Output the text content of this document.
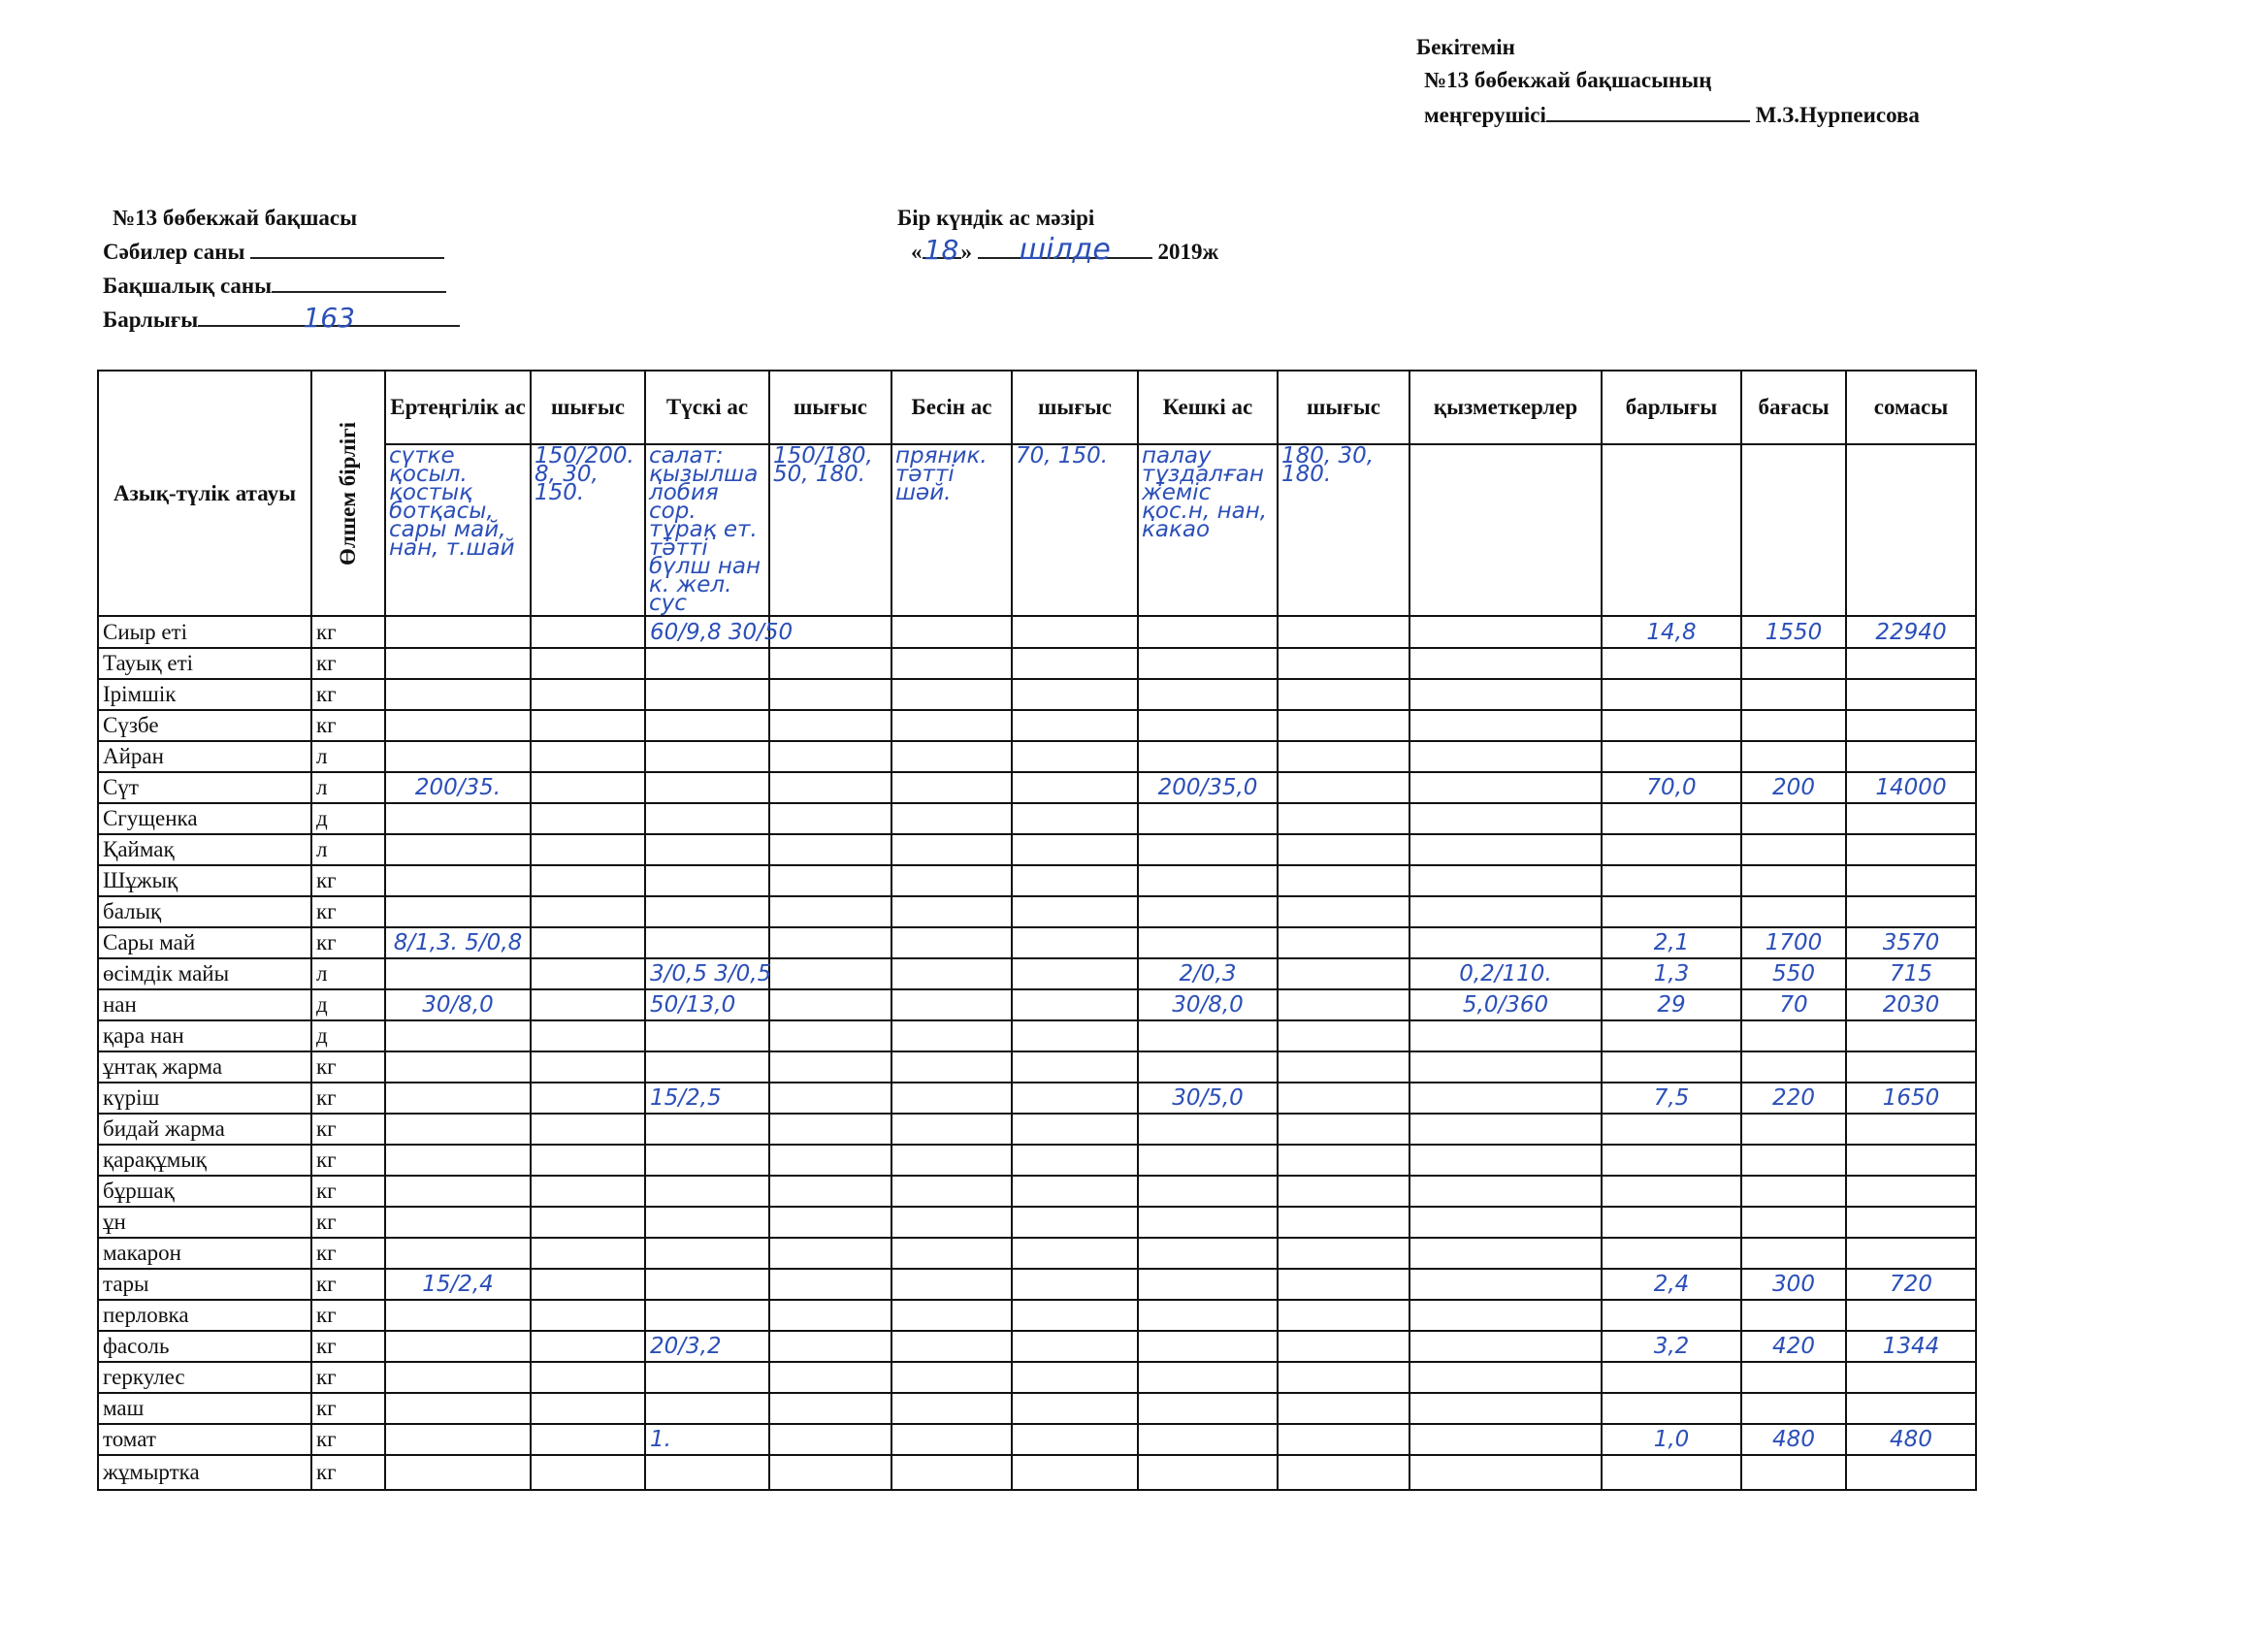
Бекітемін
№13 бөбекжай бақшасының
меңгерушісі	М.З.Нурпеисова
№13 бөбекжай бақшасы
Сәбилер саны
Бақшалық саны
Барлығы	163
Бір күндік ас мәзірі
«18» шілде 2019ж
Азық-түлік атауы	Өлшем бірлігі	Ертеңгілік ас	шығыс	Түскі ас	шығыс	Бесін ас	шығыс	Кешкі ас	шығыс	қызметкерлер	барлығы	бағасы	сомасы
		сүтке қосыл. қостық ботқасы, сары май, нан, т.шай	150/200. 8, 30, 150.	салат: қызылша лобия сор. тұрақ ет. тәтті бүлш нан к. жел. сус	150/180, 50, 180.	пряник. тәтті шәй.	70, 150.	палау тұздалған жеміс қос.н, нан, какао	180, 30, 180.				
Сиыр еті	кг			60/9,8 30/50							14,8	1550	22940
Тауық еті	кг												
Ірімшік	кг												
Сүзбе	кг												
Айран	л												
Сүт	л	200/35.						200/35,0			70,0	200	14000
Сгущенка	д												
Қаймақ	л												
Шұжық	кг												
балық	кг												
Сары май	кг	8/1,3. 5/0,8									2,1	1700	3570
өсімдік майы	л			3/0,5 3/0,5				2/0,3		0,2/110.	1,3	550	715
нан	д	30/8,0		50/13,0				30/8,0		5,0/360	29	70	2030
қара нан	д												
ұнтақ жарма	кг												
күріш	кг			15/2,5				30/5,0			7,5	220	1650
бидай жарма	кг												
қарақұмық	кг												
бұршақ	кг												
ұн	кг												
макарон	кг												
тары	кг	15/2,4									2,4	300	720
перловка	кг												
фасоль	кг			20/3,2							3,2	420	1344
геркулес	кг												
маш	кг												
томат	кг			1.							1,0	480	480
жұмыртка	кг												
